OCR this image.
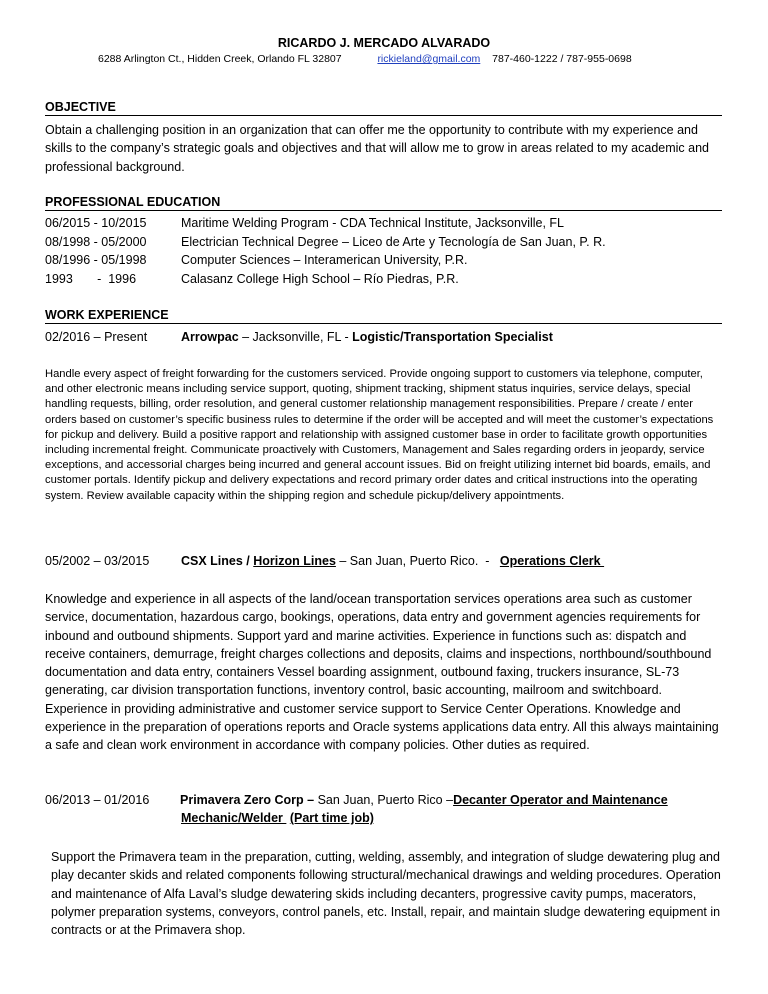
RICARDO J. MERCADO ALVARADO
6288 Arlington Ct., Hidden Creek, Orlando FL 32807	rickieland@gmail.com 787-460-1222 / 787-955-0698
OBJECTIVE
Obtain a challenging position in an organization that can offer me the opportunity to contribute with my experience and skills to the company’s strategic goals and objectives and that will allow me to grow in areas related to my academic and professional background.
PROFESSIONAL EDUCATION
06/2015 - 10/2015	Maritime Welding Program - CDA Technical Institute, Jacksonville, FL
08/1998 - 05/2000	Electrician Technical Degree – Liceo de Arte y Tecnología de San Juan, P. R.
08/1996 - 05/1998	Computer Sciences – Interamerican University, P.R.
1993       -  1996	Calasanz College High School – Río Piedras, P.R.
WORK EXPERIENCE
02/2016 – Present	Arrowpac – Jacksonville, FL - Logistic/Transportation Specialist
Handle every aspect of freight forwarding for the customers serviced. Provide ongoing support to customers via telephone, computer, and other electronic means including service support, quoting, shipment tracking, shipment status inquiries, service delays, special handling requests, billing, order resolution, and general customer relationship management responsibilities. Prepare / create / enter orders based on customer’s specific business rules to determine if the order will be accepted and will meet the customer’s expectations for pickup and delivery. Build a positive rapport and relationship with assigned customer base in order to facilitate growth opportunities including incremental freight. Communicate proactively with Customers, Management and Sales regarding orders in jeopardy, service exceptions, and accessorial charges being incurred and general account issues. Bid on freight utilizing internet bid boards, emails, and customer portals. Identify pickup and delivery expectations and record primary order dates and critical instructions into the operating system. Review available capacity within the shipping region and schedule pickup/delivery appointments.
05/2002 – 03/2015	CSX Lines / Horizon Lines – San Juan, Puerto Rico.  -   Operations Clerk
Knowledge and experience in all aspects of the land/ocean transportation services operations area such as customer service, documentation, hazardous cargo, bookings, operations, data entry and government agencies requirements for inbound and outbound shipments. Support yard and marine activities. Experience in functions such as: dispatch and receive containers, demurrage, freight charges collections and deposits, claims and inspections, northbound/southbound documentation and data entry, containers Vessel boarding assignment, outbound faxing, truckers insurance, SL-73 generating, car division transportation functions, inventory control, basic accounting, mailroom and switchboard. Experience in providing administrative and customer service support to Service Center Operations. Knowledge and experience in the preparation of operations reports and Oracle systems applications data entry. All this always maintaining a safe and clean work environment in accordance with company policies. Other duties as required.
06/2013 – 01/2016 Primavera Zero Corp – San Juan, Puerto Rico –Decanter Operator and Maintenance
Mechanic/Welder  (Part time job)
Support the Primavera team in the preparation, cutting, welding, assembly, and integration of sludge dewatering plug and play decanter skids and related components following structural/mechanical drawings and welding procedures. Operation and maintenance of Alfa Laval’s sludge dewatering skids including decanters, progressive cavity pumps, macerators, polymer preparation systems, conveyors, control panels, etc. Install, repair, and maintain sludge dewatering equipment in contracts or at the Primavera shop.
